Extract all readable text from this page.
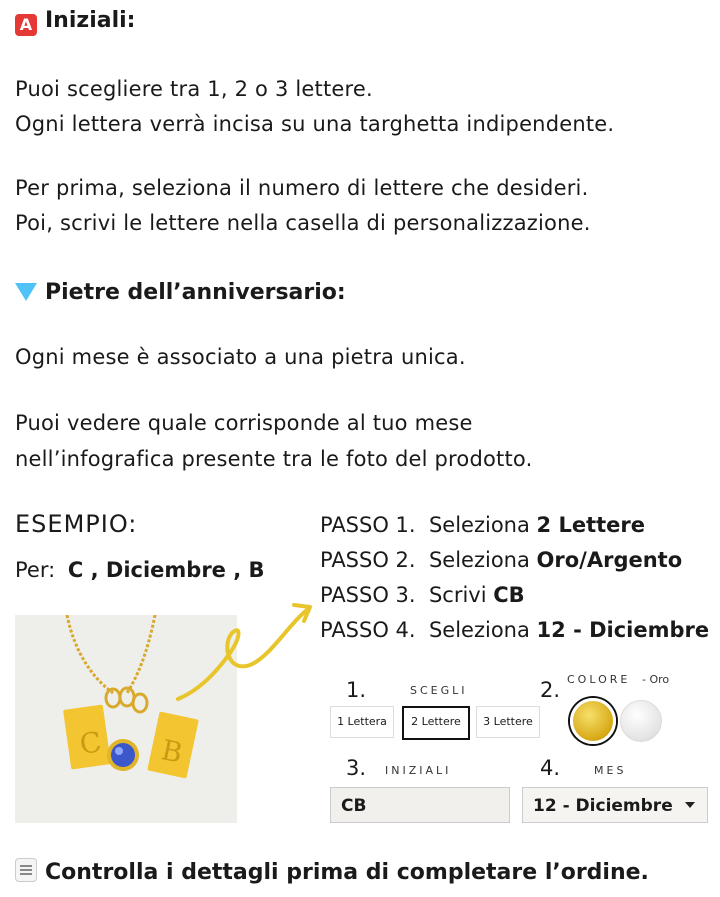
A Iniziali:
Puoi scegliere tra 1, 2 o 3 lettere.
Ogni lettera verrà incisa su una targhetta indipendente.
Per prima, seleziona il numero di lettere che desideri.
Poi, scrivi le lettere nella casella di personalizzazione.
Pietre dell’anniversario:
Ogni mese è associato a una pietra unica.
Puoi vedere quale corrisponde al tuo mese
nell’infografica presente tra le foto del prodotto.
ESEMPIO:
Per: C , Diciembre , B
PASSO 1. Seleziona 2 Lettere
PASSO 2. Seleziona Oro/Argento
PASSO 3. Scrivi CB
PASSO 4. Seleziona 12 - Diciembre
C B
1.	SCEGLI
1 Lettera	2 Lettere	3 Lettere
2. COLORE - Oro
3. INIZIALI
CB
4.	MES
12 - Diciembre
Controlla i dettagli prima di completare l’ordine.
